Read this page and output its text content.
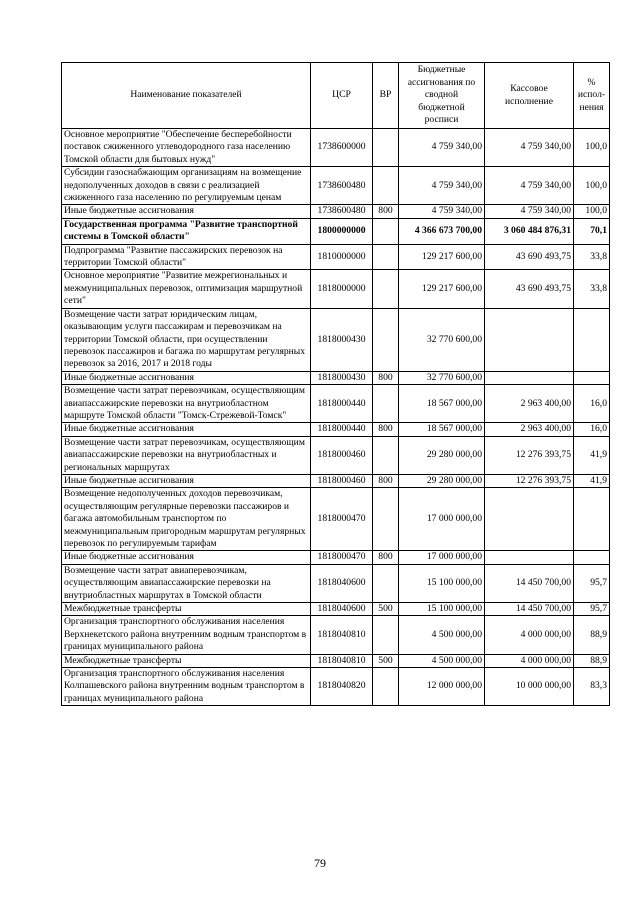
Наименование показателей	ЦСР	ВР	Бюджетные ассигнования по сводной бюджетной росписи	Кассовое исполнение	% испол-нения
Основное мероприятие "Обеспечение бесперебойности поставок сжиженного углеводородного газа населению Томской области для бытовых нужд"	1738600000		4 759 340,00	4 759 340,00	100,0
Субсидии газоснабжающим организациям на возмещение недополученных доходов в связи с реализацией сжиженного газа населению по регулируемым ценам	1738600480		4 759 340,00	4 759 340,00	100,0
Иные бюджетные ассигнования	1738600480	800	4 759 340,00	4 759 340,00	100,0
Государственная программа "Развитие транспортной системы в Томской области"	1800000000		4 366 673 700,00	3 060 484 876,31	70,1
Подпрограмма "Развитие пассажирских перевозок на территории Томской области"	1810000000		129 217 600,00	43 690 493,75	33,8
Основное мероприятие "Развитие межрегиональных и межмуниципальных перевозок, оптимизация маршрутной сети"	1818000000		129 217 600,00	43 690 493,75	33,8
Возмещение части затрат юридическим лицам, оказывающим услуги пассажирам и перевозчикам на территории Томской области, при осуществлении перевозок пассажиров и багажа по маршрутам регулярных перевозок за 2016, 2017 и 2018 годы	1818000430		32 770 600,00		
Иные бюджетные ассигнования	1818000430	800	32 770 600,00		
Возмещение части затрат перевозчикам, осуществляющим авиапассажирские перевозки на внутриобластном маршруте Томской области "Томск-Стрежевой-Томск"	1818000440		18 567 000,00	2 963 400,00	16,0
Иные бюджетные ассигнования	1818000440	800	18 567 000,00	2 963 400,00	16,0
Возмещение части затрат перевозчикам, осуществляющим авиапассажирские перевозки на внутриобластных и региональных маршрутах	1818000460		29 280 000,00	12 276 393,75	41,9
Иные бюджетные ассигнования	1818000460	800	29 280 000,00	12 276 393,75	41,9
Возмещение недополученных доходов перевозчикам, осуществляющим регулярные перевозки пассажиров и багажа автомобильным транспортом по межмуниципальным пригородным маршрутам регулярных перевозок по регулируемым тарифам	1818000470		17 000 000,00		
Иные бюджетные ассигнования	1818000470	800	17 000 000,00		
Возмещение части затрат авиаперевозчикам, осуществляющим авиапассажирские перевозки на внутриобластных маршрутах в Томской области	1818040600		15 100 000,00	14 450 700,00	95,7
Межбюджетные трансферты	1818040600	500	15 100 000,00	14 450 700,00	95,7
Организация транспортного обслуживания населения Верхнекетского района внутренним водным транспортом в границах муниципального района	1818040810		4 500 000,00	4 000 000,00	88,9
Межбюджетные трансферты	1818040810	500	4 500 000,00	4 000 000,00	88,9
Организация транспортного обслуживания населения Колпашевского района внутренним водным транспортом в границах муниципального района	1818040820		12 000 000,00	10 000 000,00	83,3
79
